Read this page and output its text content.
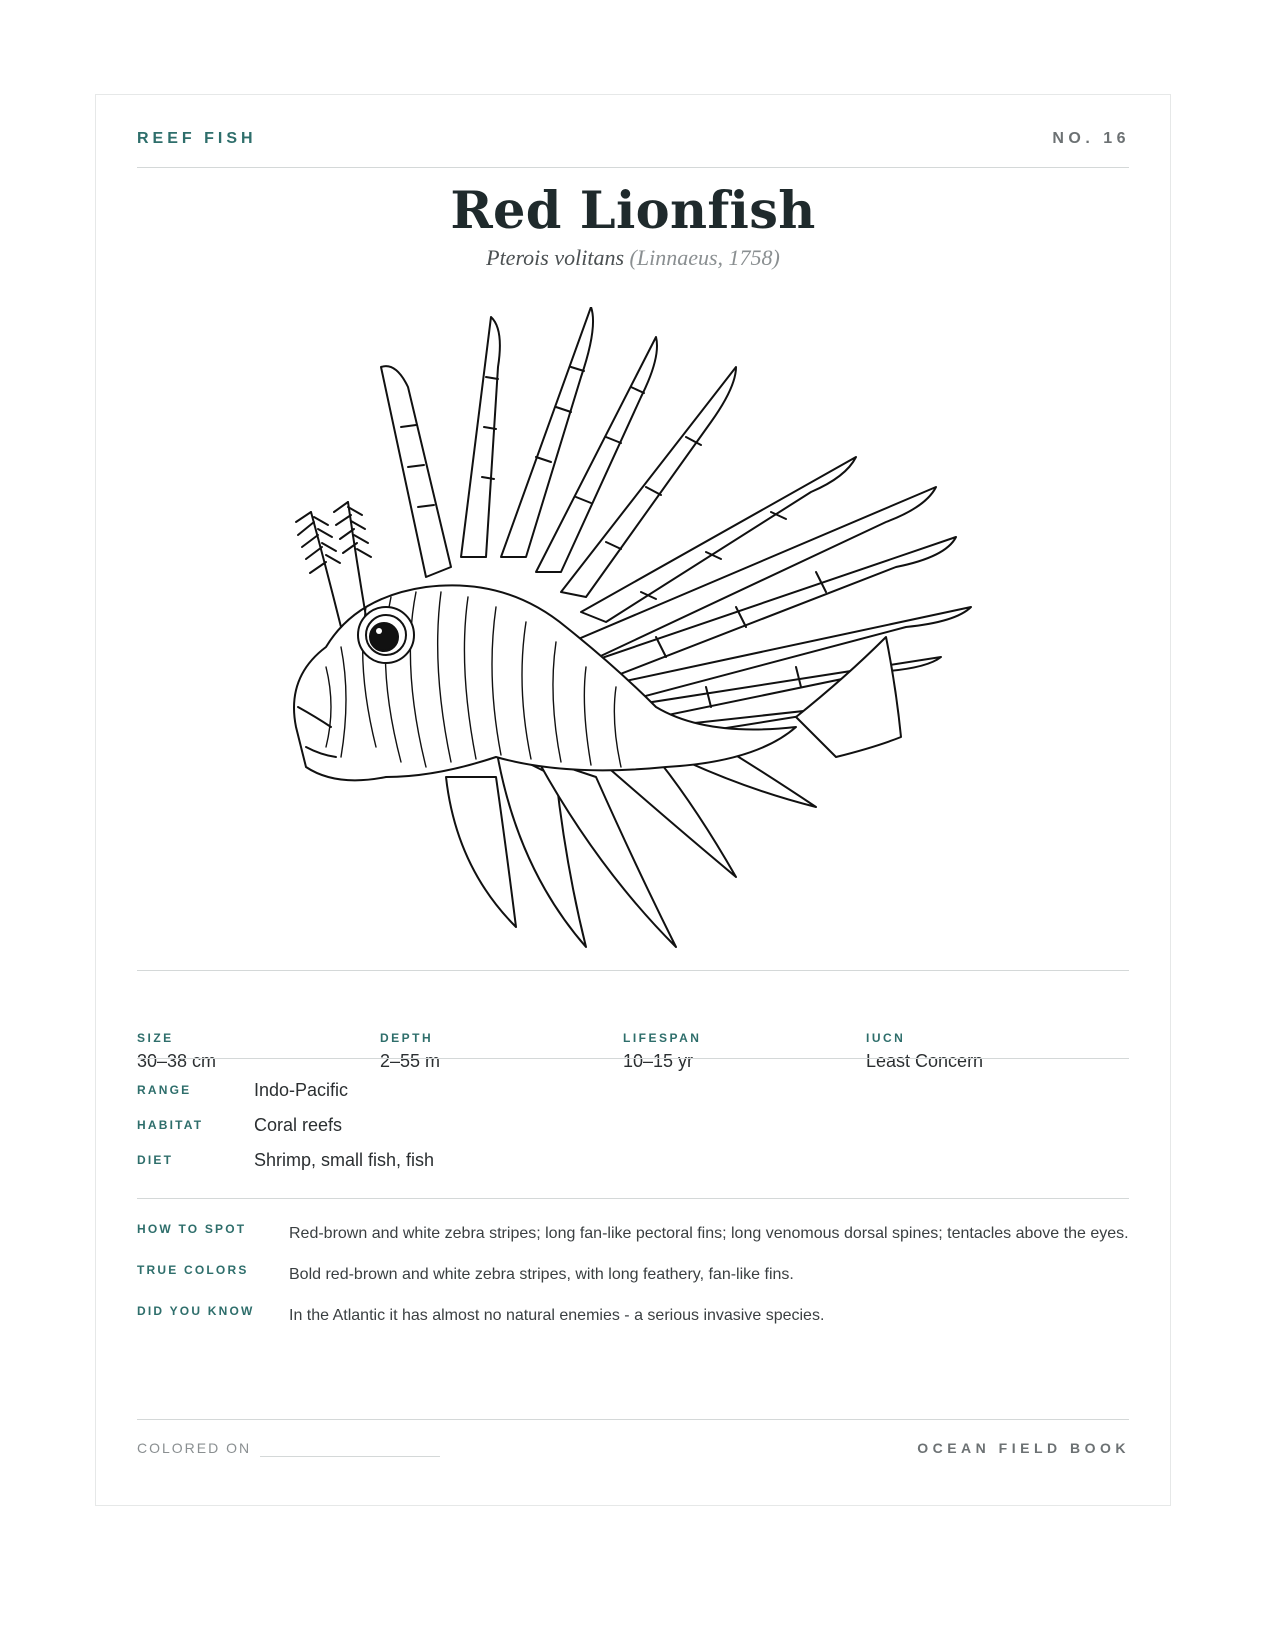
REEF FISH	NO. 16
Red Lionfish
Pterois volitans (Linnaeus, 1758)
SIZE
30–38 cm
DEPTH
2–55 m
LIFESPAN
10–15 yr
IUCN
Least Concern
RANGE	Indo-Pacific
HABITAT	Coral reefs
DIET	Shrimp, small fish, fish
HOW TO SPOT	Red-brown and white zebra stripes; long fan-like pectoral fins; long venomous dorsal spines; tentacles above the eyes.
TRUE COLORS	Bold red-brown and white zebra stripes, with long feathery, fan-like fins.
DID YOU KNOW In the Atlantic it has almost no natural enemies - a serious invasive species.
COLORED ON	OCEAN FIELD BOOK
